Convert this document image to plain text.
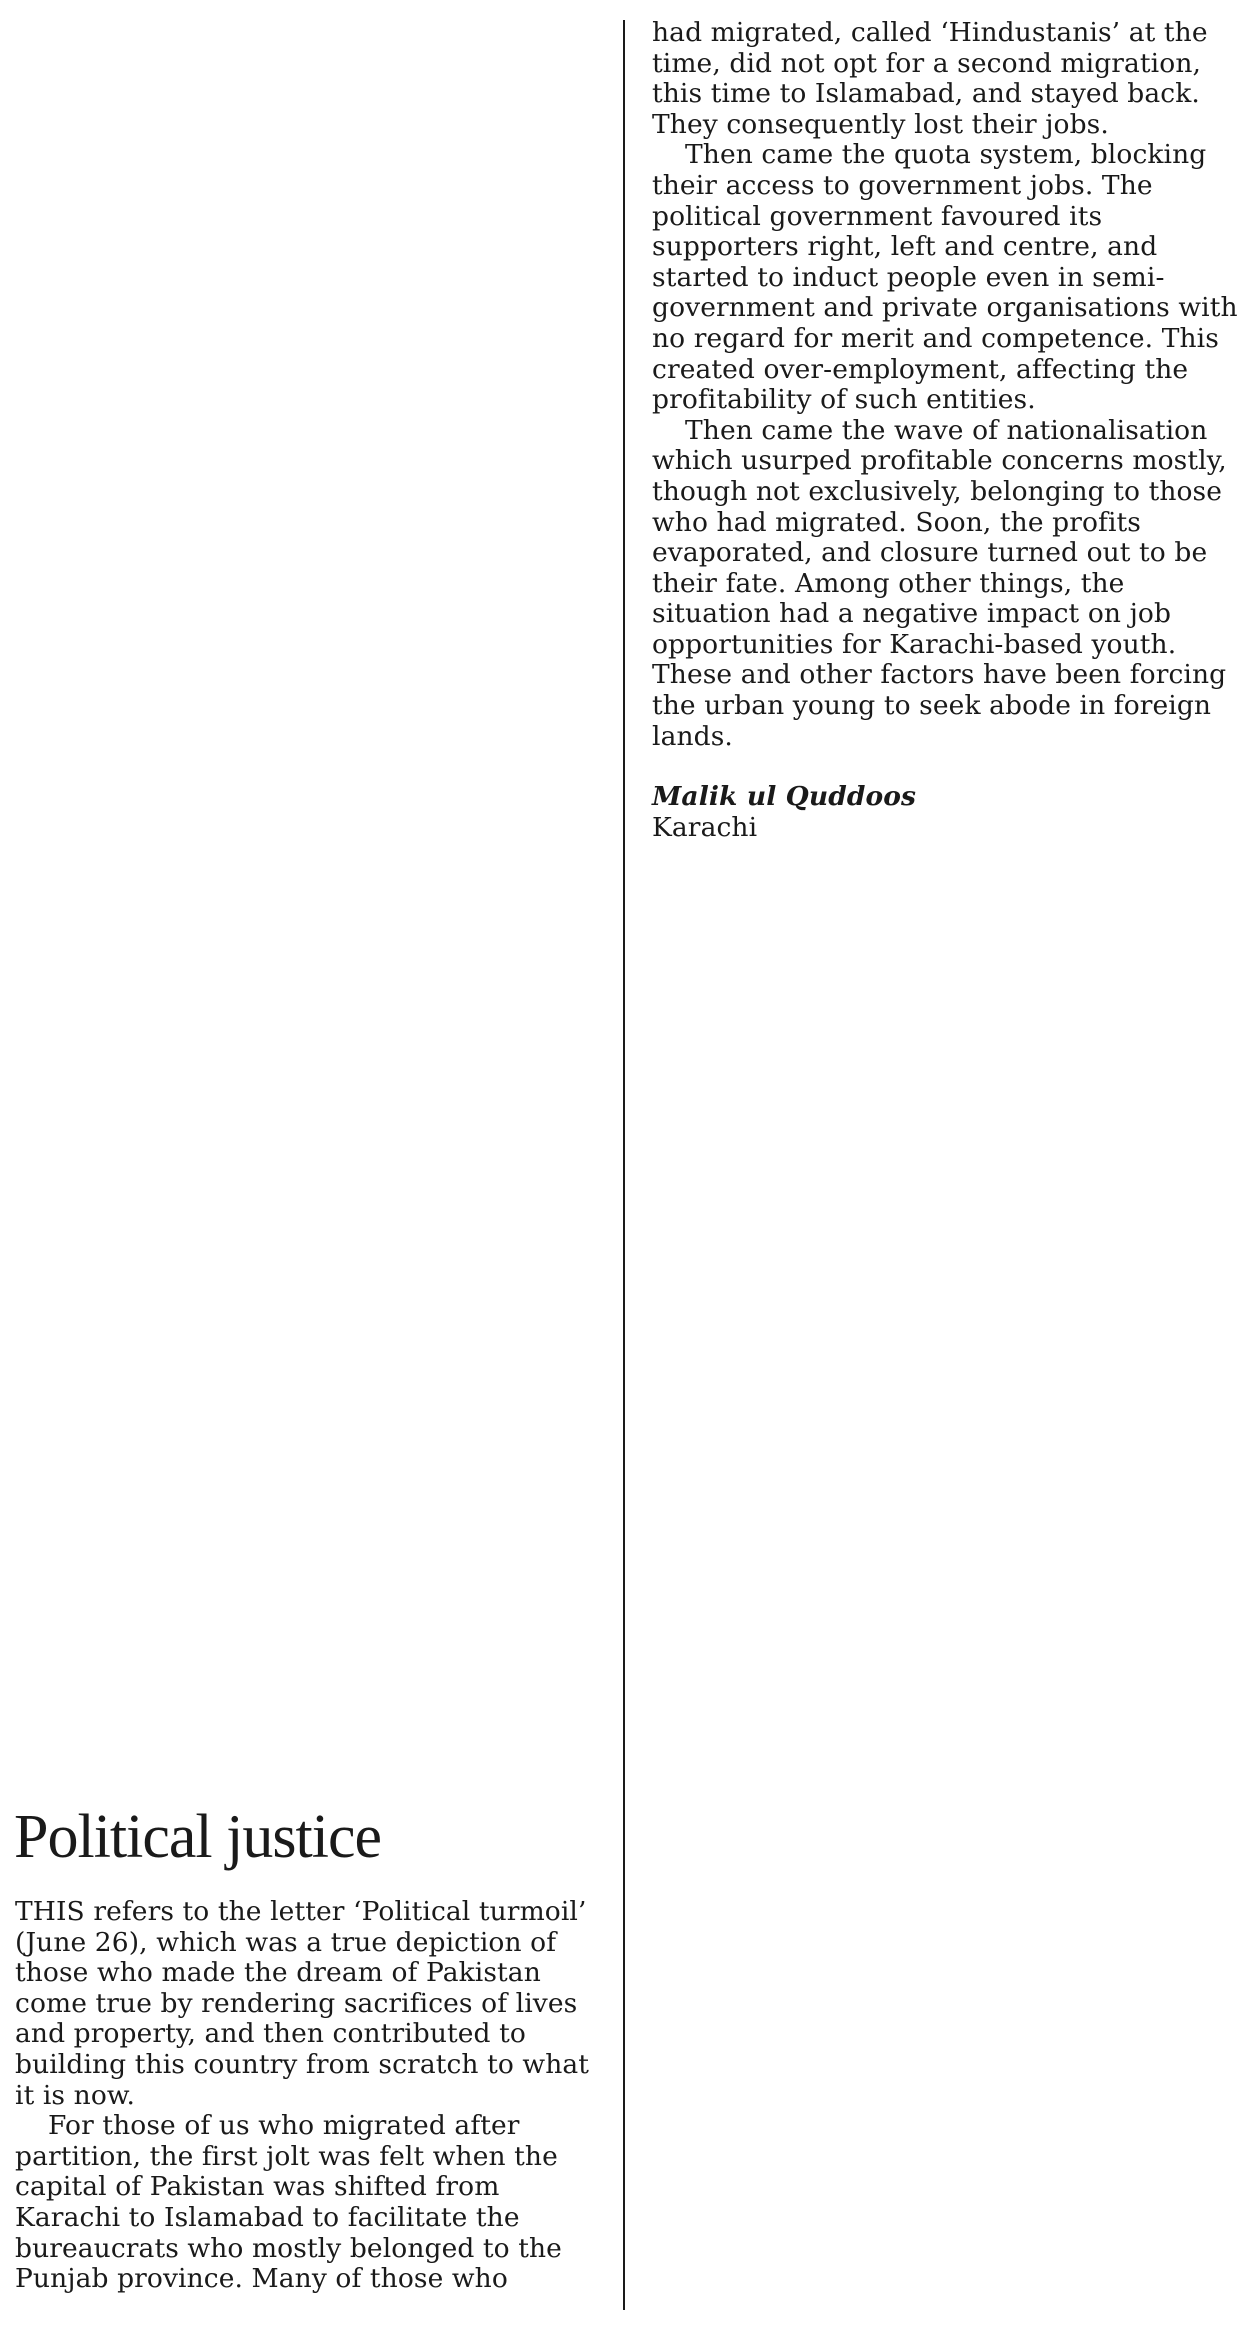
had migrated, called ‘Hindustanis’ at the time, did not opt for a second migration, this time to Islamabad, and stayed back. They consequently lost their jobs.

Then came the quota system, blocking their access to government jobs. The political government favoured its supporters right, left and centre, and started to induct people even in semi-government and private organisations with no regard for merit and competence. This created over-employment, affecting the profitability of such entities.

Then came the wave of nationalisation which usurped profitable concerns mostly, though not exclusively, belonging to those who had migrated. Soon, the profits evaporated, and closure turned out to be their fate. Among other things, the situation had a negative impact on job opportunities for Karachi-based youth. These and other factors have been forcing the urban young to seek abode in foreign lands.

Malik ul Quddoos
Karachi
Political justice

THIS refers to the letter ‘Political turmoil’ (June 26), which was a true depiction of those who made the dream of Pakistan come true by rendering sacrifices of lives and property, and then contributed to building this country from scratch to what it is now.

For those of us who migrated after partition, the first jolt was felt when the capital of Pakistan was shifted from Karachi to Islamabad to facilitate the bureaucrats who mostly belonged to the Punjab province. Many of those who
